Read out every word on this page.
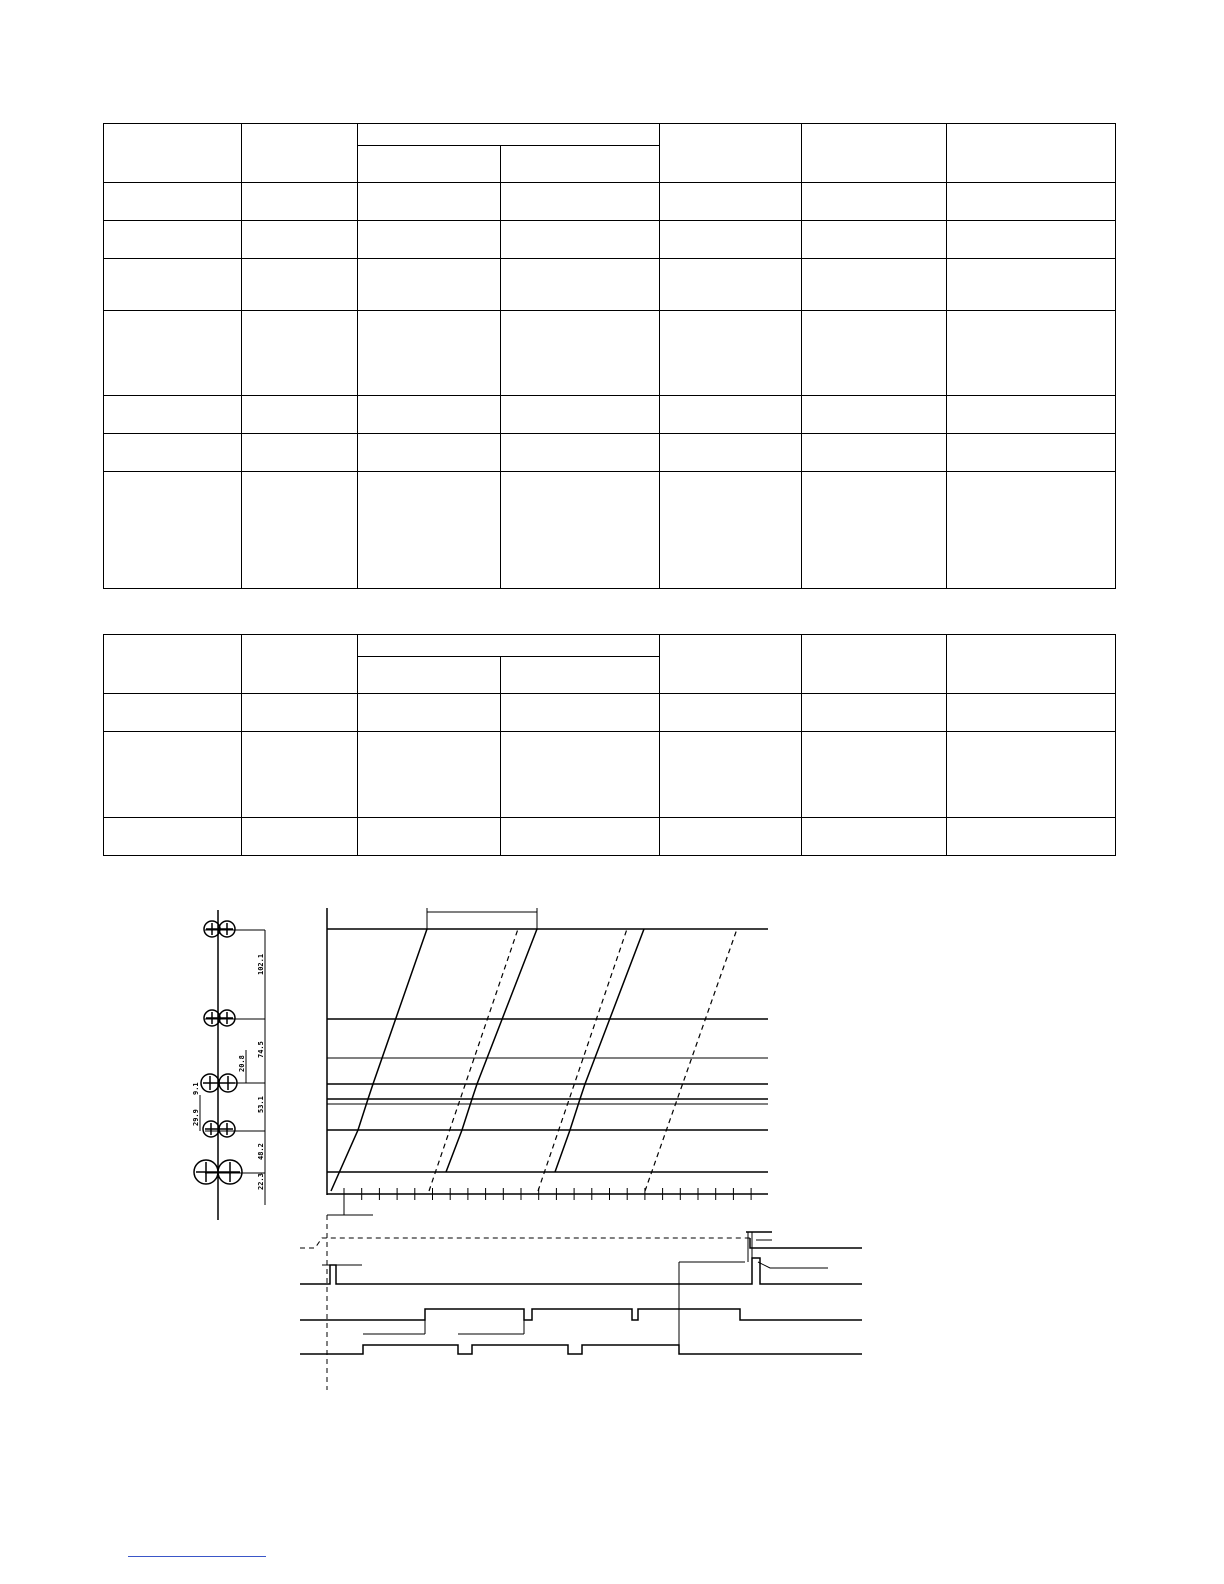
102.1
74.5
20.8
9.1
29.9
53.1
48.2
22.3
